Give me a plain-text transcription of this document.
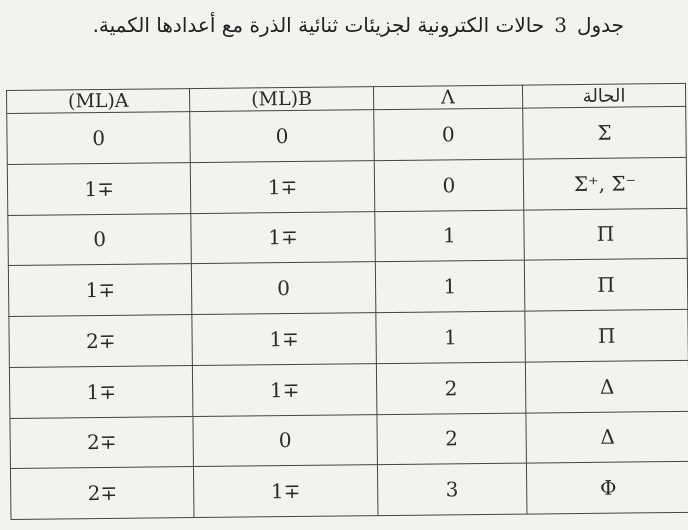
جدول3حالات الكترونية لجزيئات ثنائية الذرة مع أعدادها الكمية.
(ML)A	(ML)B	Λ	الحالة
0	0	0	Σ
1∓	1∓	0	Σ⁺, Σ⁻
0	1∓	1	Π
1∓	0	1	Π
2∓	1∓	1	Π
1∓	1∓	2	Δ
2∓	0	2	Δ
2∓	1∓	3	Φ
